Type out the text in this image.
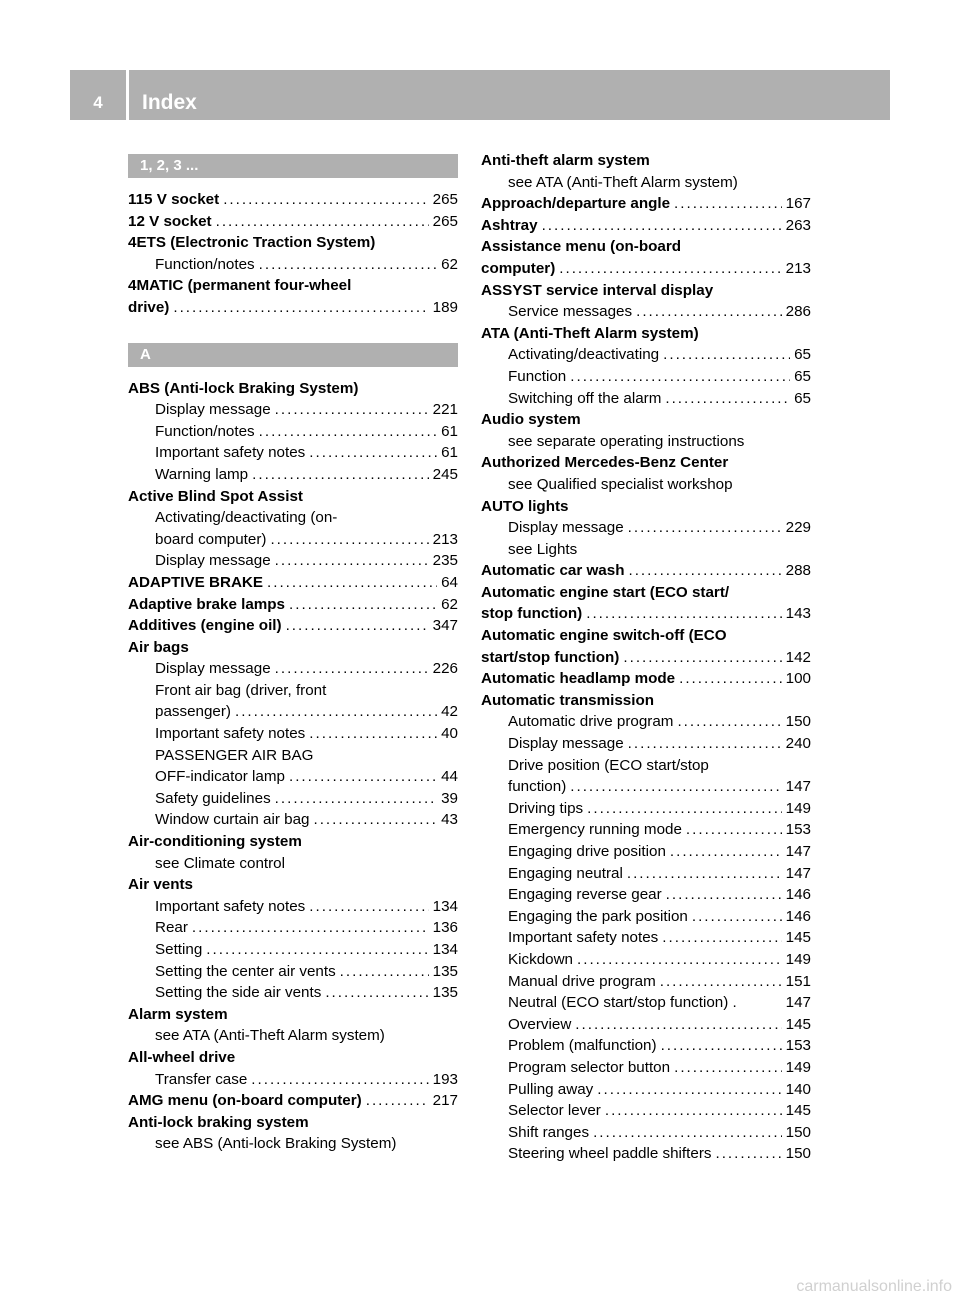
4	Index
1, 2, 3 ...
115 V socket .....	265
12 V socket .....	265
4ETS (Electronic Traction System)
Function/notes .....	62
4MATIC (permanent four-wheel
drive) .....	189
A
ABS (Anti-lock Braking System)
Display message .....	221
Function/notes .....	61
Important safety notes .....	61
Warning lamp .....	245
Active Blind Spot Assist
Activating/deactivating (on-
board computer) .....	213
Display message .....	235
ADAPTIVE BRAKE .....	64
Adaptive brake lamps .....	62
Additives (engine oil) .....	347
Air bags
Display message .....	226
Front air bag (driver, front
passenger) .....	42
Important safety notes .....	40
PASSENGER AIR BAG
OFF-indicator lamp .....	44
Safety guidelines .....	39
Window curtain air bag .....	43
Air-conditioning system
see Climate control
Air vents
Important safety notes .....	134
Rear .....	136
Setting .....	134
Setting the center air vents .....	135
Setting the side air vents .....	135
Alarm system
see ATA (Anti-Theft Alarm system)
All-wheel drive
Transfer case .....	193
AMG menu (on-board computer) .....	217
Anti-lock braking system
see ABS (Anti-lock Braking System)
Anti-theft alarm system
see ATA (Anti-Theft Alarm system)
Approach/departure angle .....	167
Ashtray .....	263
Assistance menu (on-board
computer) .....	213
ASSYST service interval display
Service messages .....	286
ATA (Anti-Theft Alarm system)
Activating/deactivating .....	65
Function .....	65
Switching off the alarm .....	65
Audio system
see separate operating instructions
Authorized Mercedes-Benz Center
see Qualified specialist workshop
AUTO lights
Display message .....	229
see Lights
Automatic car wash .....	288
Automatic engine start (ECO start/
stop function) .....	143
Automatic engine switch-off (ECO
start/stop function) .....	142
Automatic headlamp mode .....	100
Automatic transmission
Automatic drive program .....	150
Display message .....	240
Drive position (ECO start/stop
function) .....	147
Driving tips .....	149
Emergency running mode .....	153
Engaging drive position .....	147
Engaging neutral .....	147
Engaging reverse gear .....	146
Engaging the park position .....	146
Important safety notes .....	145
Kickdown .....	149
Manual drive program .....	151
Neutral (ECO start/stop function) .	147
Overview .....	145
Problem (malfunction) .....	153
Program selector button .....	149
Pulling away .....	140
Selector lever .....	145
Shift ranges .....	150
Steering wheel paddle shifters .....	150
carmanualsonline.info
